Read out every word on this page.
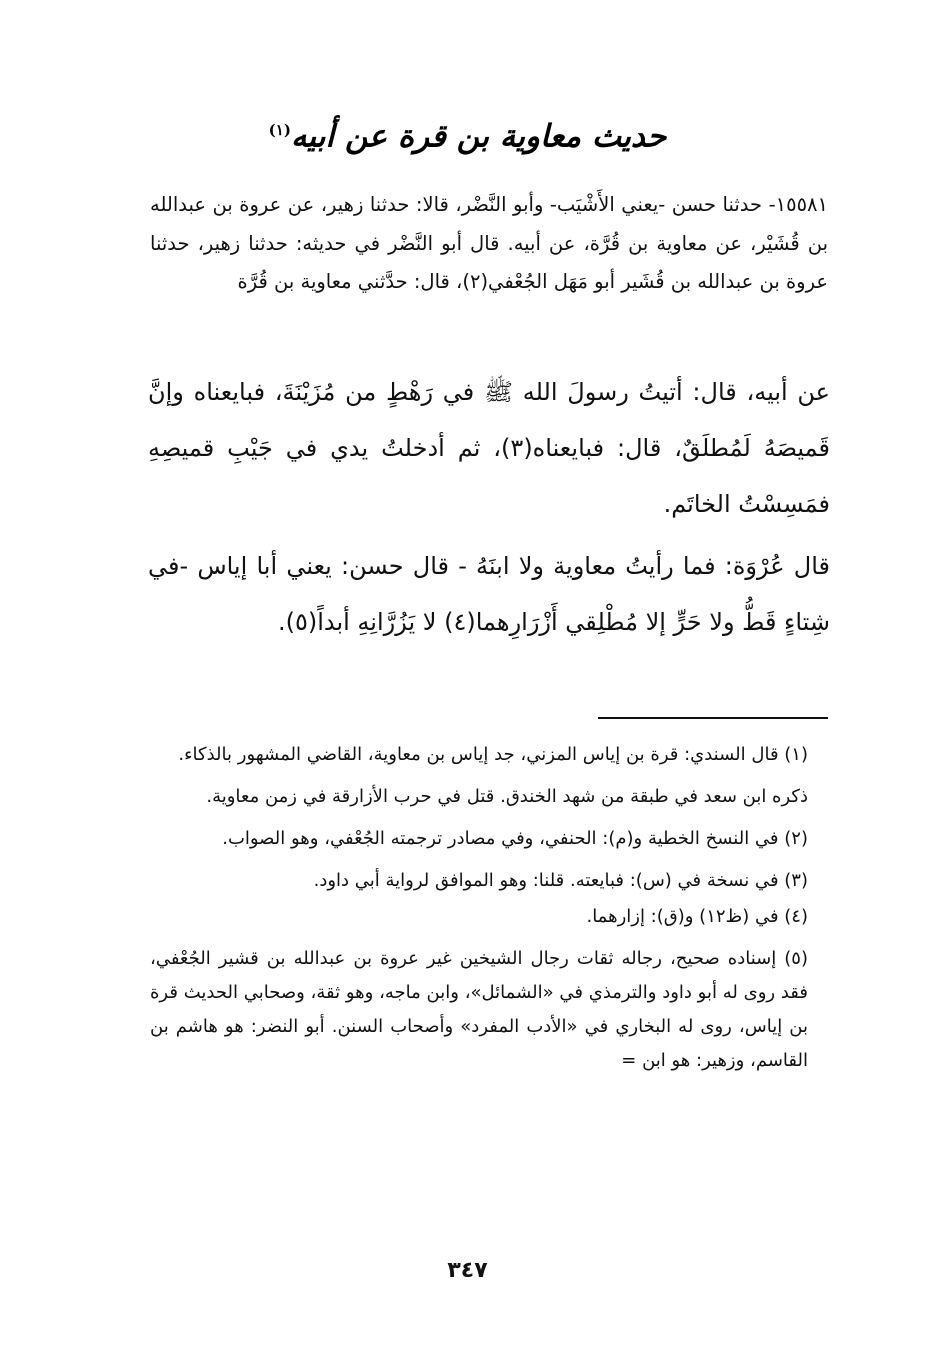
حديث معاوية بن قرة عن أبيه$^{(١)}$
١٥٥٨١- حدثنا حسن -يعني الأَشْيَب- وأبو النَّضْر، قالا: حدثنا زهير، عن عروة بن عبدالله بن قُشَيْر، عن معاوية بن قُرَّة، عن أبيه. قال أبو النَّضْر في حديثه: حدثنا زهير، حدثنا عروة بن عبدالله بن قُشَير أبو مَهَل الجُعْفي(٢)، قال: حدَّثني معاوية بن قُرَّة
عن أبيه، قال: أتيتُ رسولَ الله ﷺ في رَهْطٍ من مُزَيْنَةَ، فبايعناه وإنَّ قَميصَهُ لَمُطلَقٌ، قال: فبايعناه(٣)، ثم أدخلتُ يدي في جَيْبِ قميصِهِ فمَسِسْتُ الخاتَم.
قال عُرْوَة: فما رأيتُ معاوية ولا ابنَهُ - قال حسن: يعني أبا إياس -في شِتاءٍ قَطُّ ولا حَرٍّ إلا مُطْلِقي أَزْرَارِهما(٤) لا يَزُرَّانِهِ أبداً(٥).

(١) قال السندي: قرة بن إياس المزني، جد إياس بن معاوية، القاضي المشهور بالذكاء.

ذكره ابن سعد في طبقة من شهد الخندق. قتل في حرب الأزارقة في زمن معاوية.

(٢) في النسخ الخطية و(م): الحنفي، وفي مصادر ترجمته الجُعْفي، وهو الصواب.

(٣) في نسخة في (س): فبايعته. قلنا: وهو الموافق لرواية أبي داود.

(٤) في (ظ١٢) و(ق): إزارهما.

(٥) إسناده صحيح، رجاله ثقات رجال الشيخين غير عروة بن عبدالله بن قشير الجُعْفي، فقد روى له أبو داود والترمذي في «الشمائل»، وابن ماجه، وهو ثقة، وصحابي الحديث قرة بن إياس، روى له البخاري في «الأدب المفرد» وأصحاب السنن. أبو النضر: هو هاشم بن القاسم، وزهير: هو ابن =

٣٤٧
